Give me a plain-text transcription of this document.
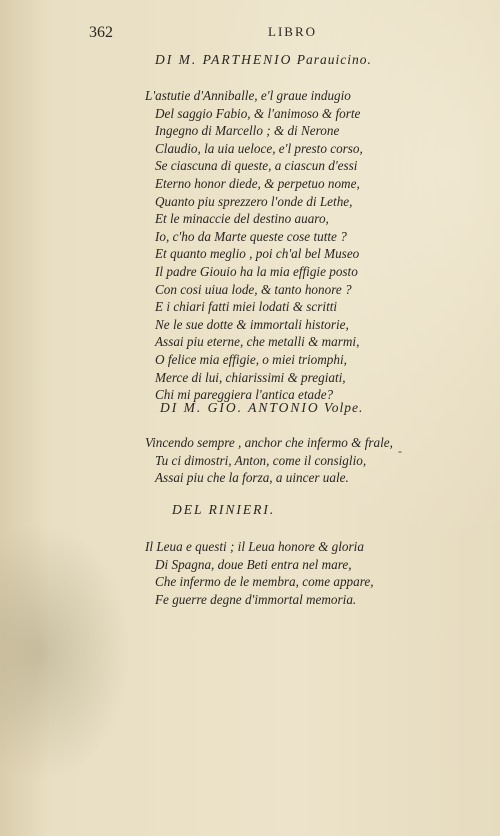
362	LIBRO
DI M. PARTHENIO Parauicino.
L'astutie d'Anniballe, e'l graue indugio
Del saggio Fabio, & l'animoso & forte
Ingegno di Marcello ; & di Nerone
Claudio, la uia ueloce, e'l presto corso,
Se ciascuna di queste, a ciascun d'essi
Eterno honor diede, & perpetuo nome,
Quanto piu sprezzero l'onde di Lethe,
Et le minaccie del destino auaro,
Io, c'ho da Marte queste cose tutte ?
Et quanto meglio , poi ch'al bel Museo
Il padre Giouio ha la mia effigie posto
Con cosi uiua lode, & tanto honore ?
E i chiari fatti miei lodati & scritti
Ne le sue dotte & immortali historie,
Assai piu eterne, che metalli & marmi,
O felice mia effigie, o miei triomphi,
Merce di lui, chiarissimi & pregiati,
Chi mi pareggiera l'antica etade?
DI M. GIO. ANTONIO Volpe.
Vincendo sempre , anchor che infermo & frale,
Tu ci dimostri, Anton, come il consiglio,
Assai piu che la forza, a uincer uale.
-
DEL RINIERI.
Il Leua e questi ; il Leua honore & gloria
Di Spagna, doue Beti entra nel mare,
Che infermo de le membra, come appare,
Fe guerre degne d'immortal memoria.
